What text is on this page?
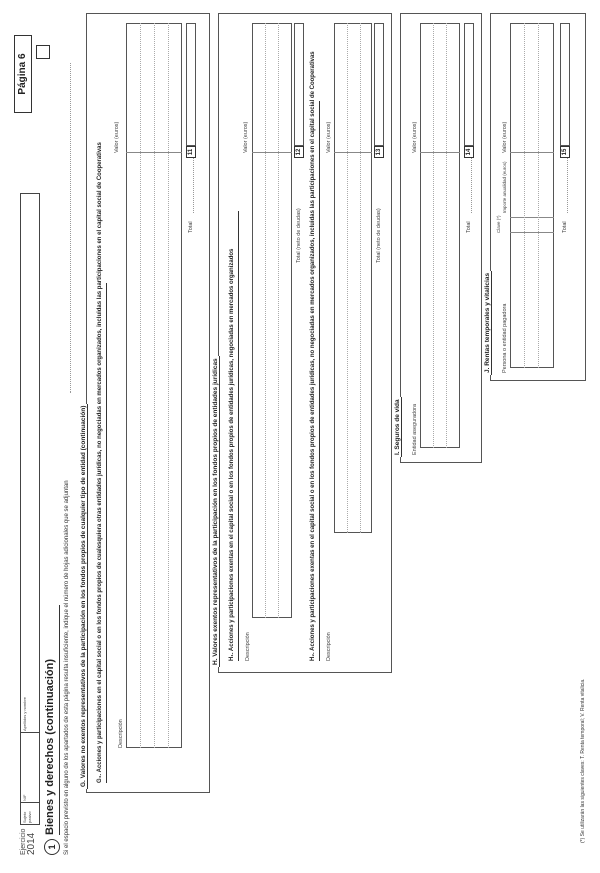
Ejercicio 2014
Sujeto pasivo
NIF
Apellidos y nombre
Página 6
1
Bienes y derechos (continuación) Si el espacio previsto en alguno de los apartados de esta página resulta insuficiente, indique el número de hojas adicionales que se adjuntan G. Valores no exentos representativos de la participación en los fondos propios de cualquier tipo de entidad (continuación) G₄. Acciones y participaciones en el capital social o en los fondos propios de cualesquiera otras entidades jurídicas, no negociadas en mercados organizados, incluidas las participaciones en el capital social de Cooperativas	Descripción
Valor (euros)
Total
11
H. Valores exentos representativos de la participación en los fondos propios de entidades jurídicas H₁. Acciones y participaciones exentas en el capital social o en los fondos propios de entidades jurídicas, negociadas en mercados organizados Descripción
Valor (euros)
Total (neto de deudas)
12	H₂. Acciones y participaciones exentas en el capital social o en los fondos propios de entidades jurídicas, no negociadas en mercados organizados, incluidas las participaciones en el capital social de Cooperativas Descripción
Valor (euros)
Total (neto de deudas)
13
I. Seguros de vida Entidad aseguradora
Valor (euros)
Total
14
J. Rentas temporales y vitalicias Persona o entidad pagadora
Clave (*)
Importe anualidad (euros)
Valor (euros)
Total
15
(*) Se utilizarán las siguientes claves: T. Renta temporal; V. Renta vitalicia.
